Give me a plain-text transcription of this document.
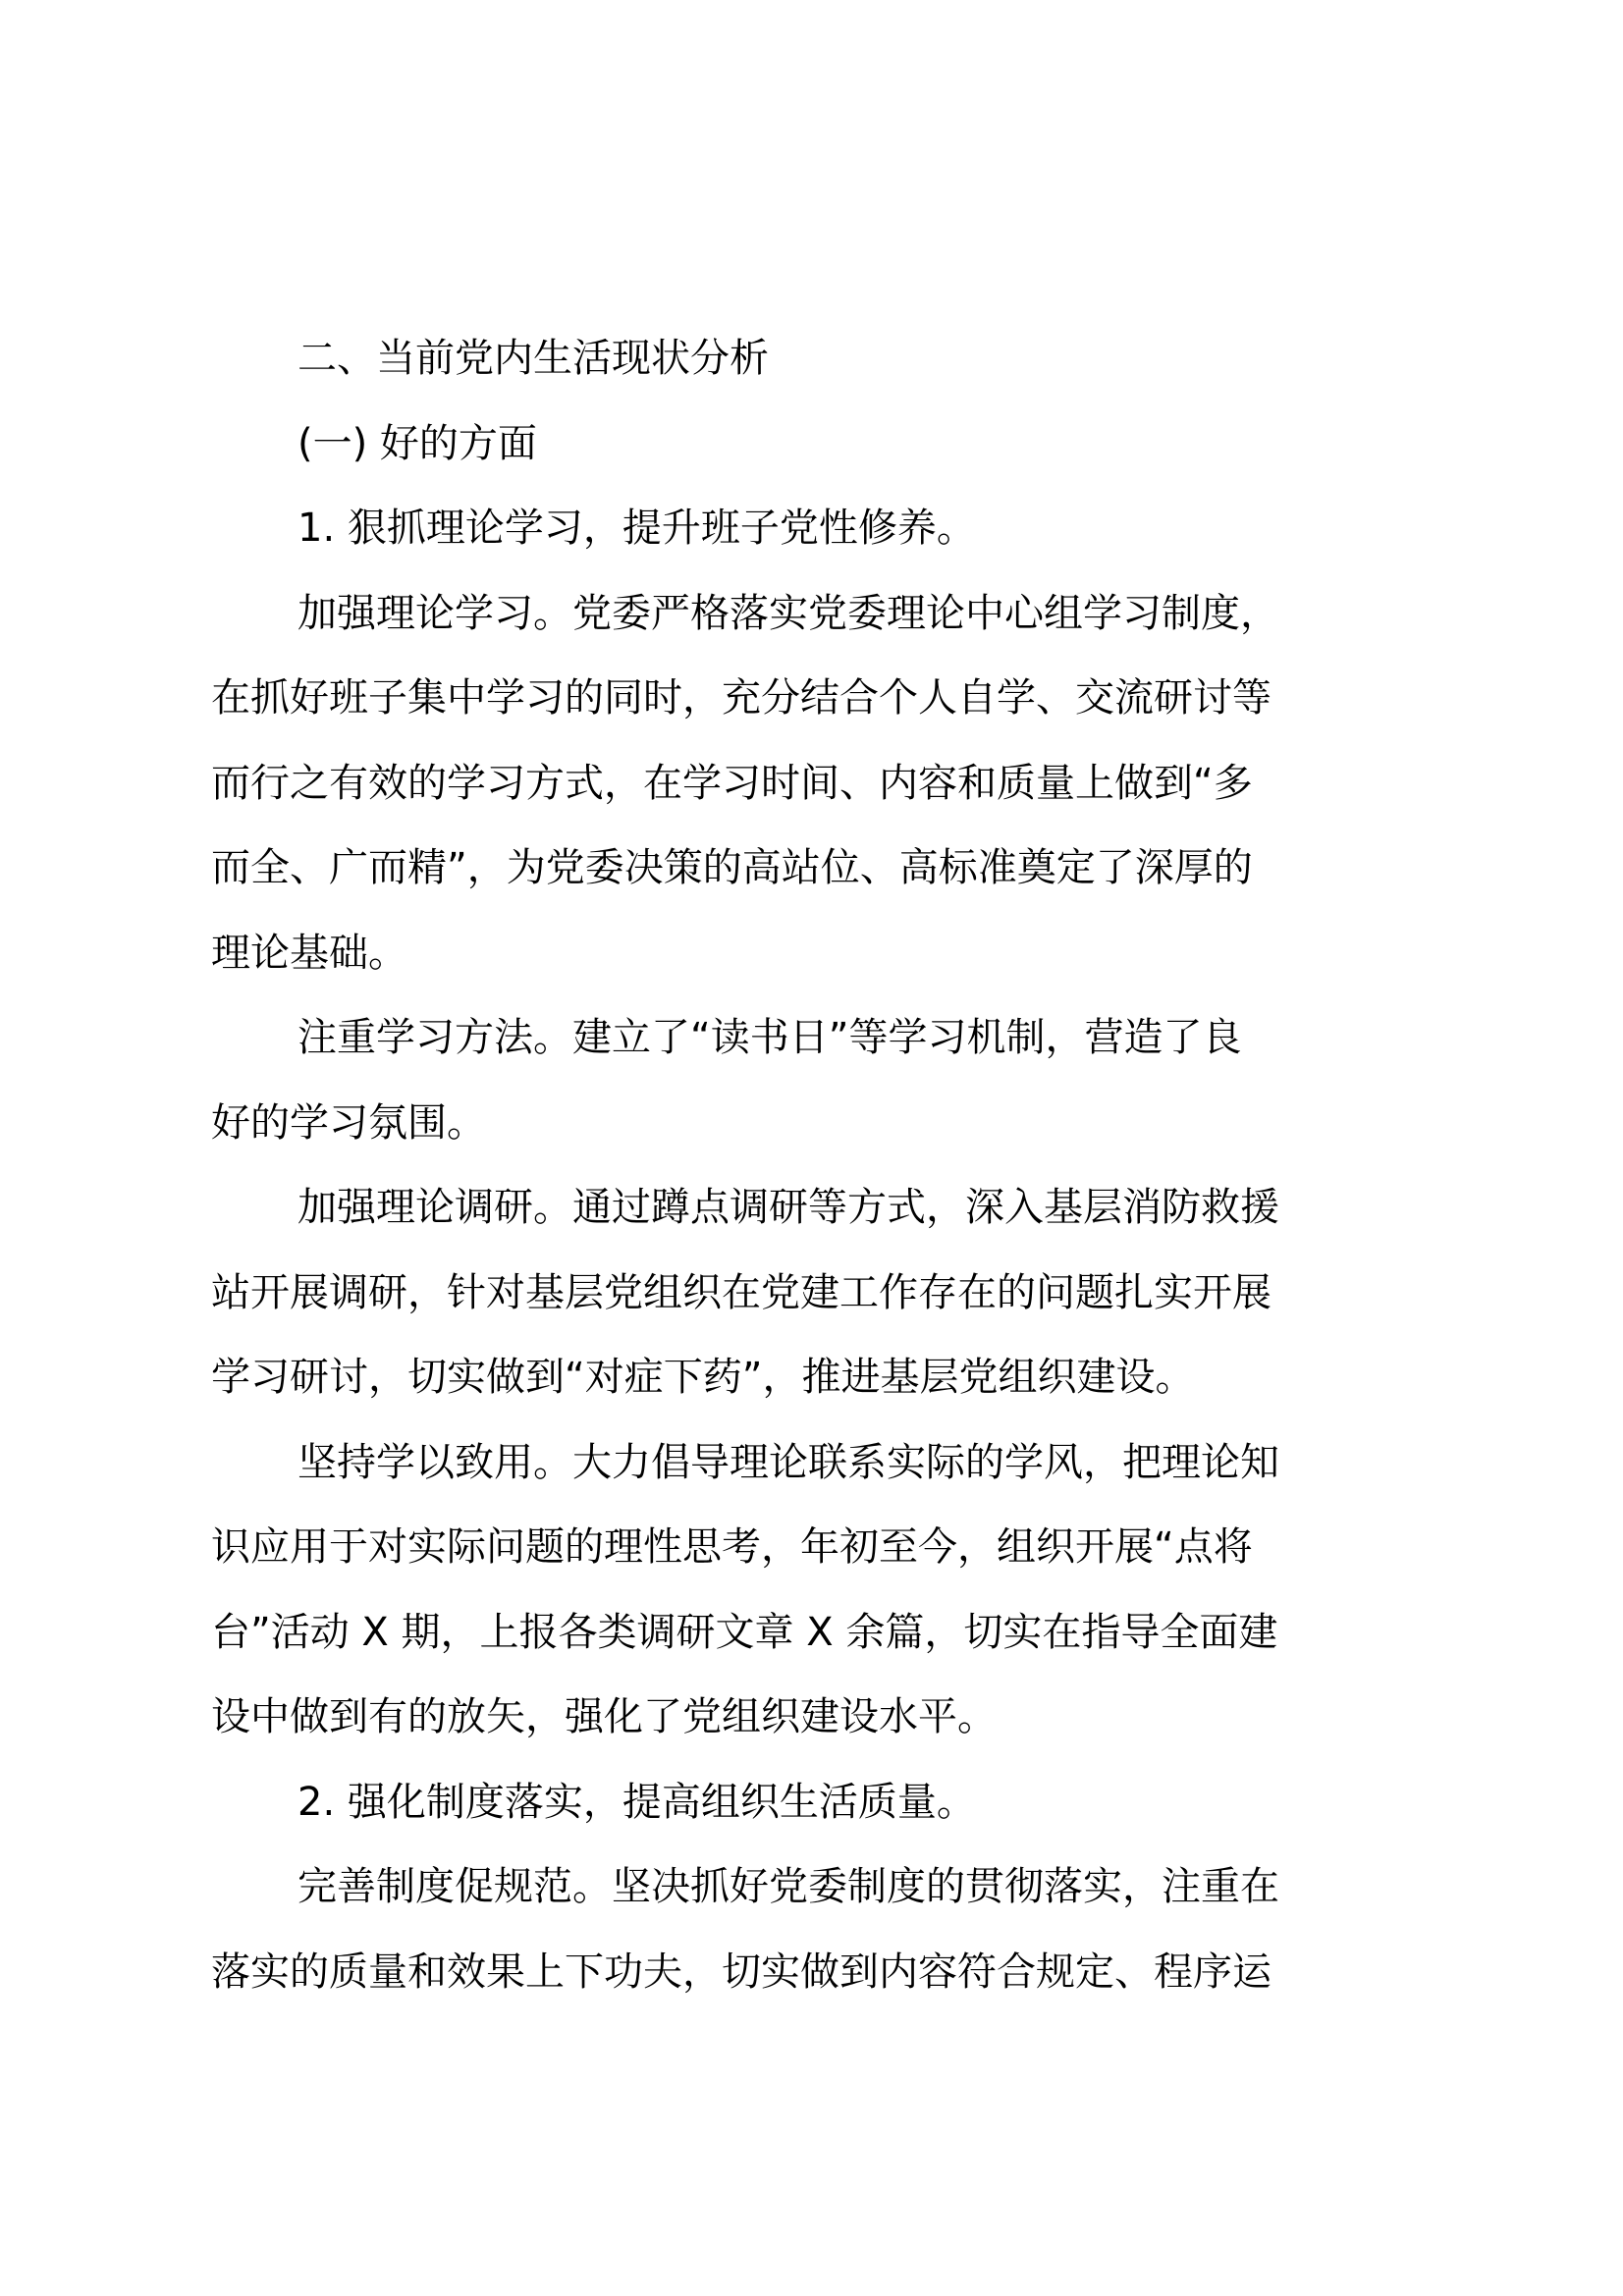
二、当前党内生活现状分析

(一) 好的方面

1. 狠抓理论学习，提升班子党性修养。

加强理论学习。党委严格落实党委理论中心组学习制度，

在抓好班子集中学习的同时，充分结合个人自学、交流研讨等

而行之有效的学习方式，在学习时间、内容和质量上做到“多

而全、广而精”，为党委决策的高站位、高标准奠定了深厚的

理论基础。

注重学习方法。建立了“读书日”等学习机制，营造了良

好的学习氛围。

加强理论调研。通过蹲点调研等方式，深入基层消防救援

站开展调研，针对基层党组织在党建工作存在的问题扎实开展

学习研讨，切实做到“对症下药”，推进基层党组织建设。

坚持学以致用。大力倡导理论联系实际的学风，把理论知

识应用于对实际问题的理性思考，年初至今，组织开展“点将

台”活动 X 期，上报各类调研文章 X 余篇，切实在指导全面建

设中做到有的放矢，强化了党组织建设水平。

2. 强化制度落实，提高组织生活质量。

完善制度促规范。坚决抓好党委制度的贯彻落实，注重在

落实的质量和效果上下功夫，切实做到内容符合规定、程序运
